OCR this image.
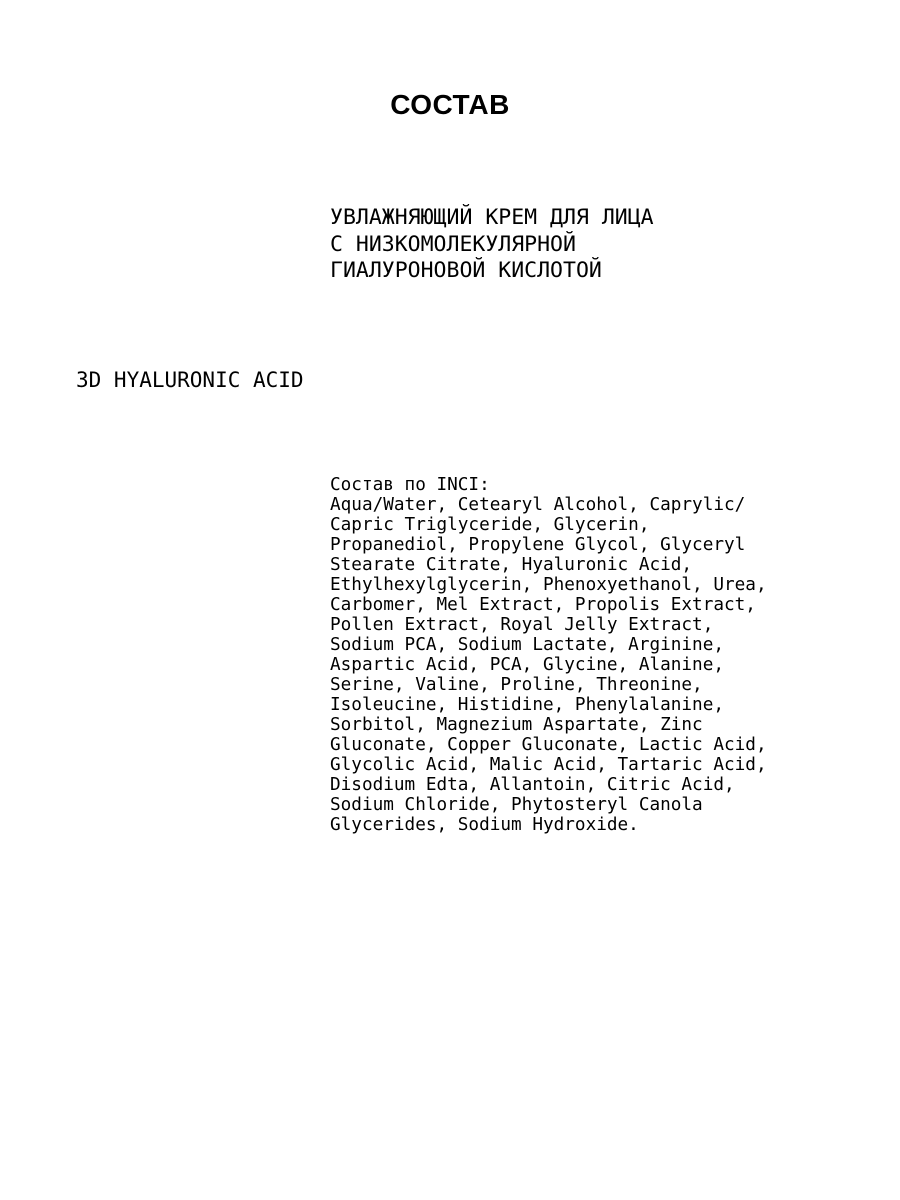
СОСТАВ
УВЛАЖНЯЮЩИЙ КРЕМ ДЛЯ ЛИЦА
С НИЗКОМОЛЕКУЛЯРНОЙ
ГИАЛУРОНОВОЙ КИСЛОТОЙ
3D HYALURONIC ACID
Состав по INCI:
Aqua/Water, Cetearyl Alcohol, Caprylic/
Capric Triglyceride, Glycerin,
Propanediol, Propylene Glycol, Glyceryl
Stearate Citrate, Hyaluronic Acid,
Ethylhexylglycerin, Phenoxyethanol, Urea,
Carbomer, Mel Extract, Propolis Extract,
Pollen Extract, Royal Jelly Extract,
Sodium PCA, Sodium Lactate, Arginine,
Aspartic Acid, PCA, Glycine, Alanine,
Serine, Valine, Proline, Threonine,
Isoleucine, Histidine, Phenylalanine,
Sorbitol, Magnezium Aspartate, Zinc
Gluconate, Copper Gluconate, Lactic Acid,
Glycolic Acid, Malic Acid, Tartaric Acid,
Disodium Edta, Allantoin, Citric Acid,
Sodium Chloride, Phytosteryl Canola
Glycerides, Sodium Hydroxide.
